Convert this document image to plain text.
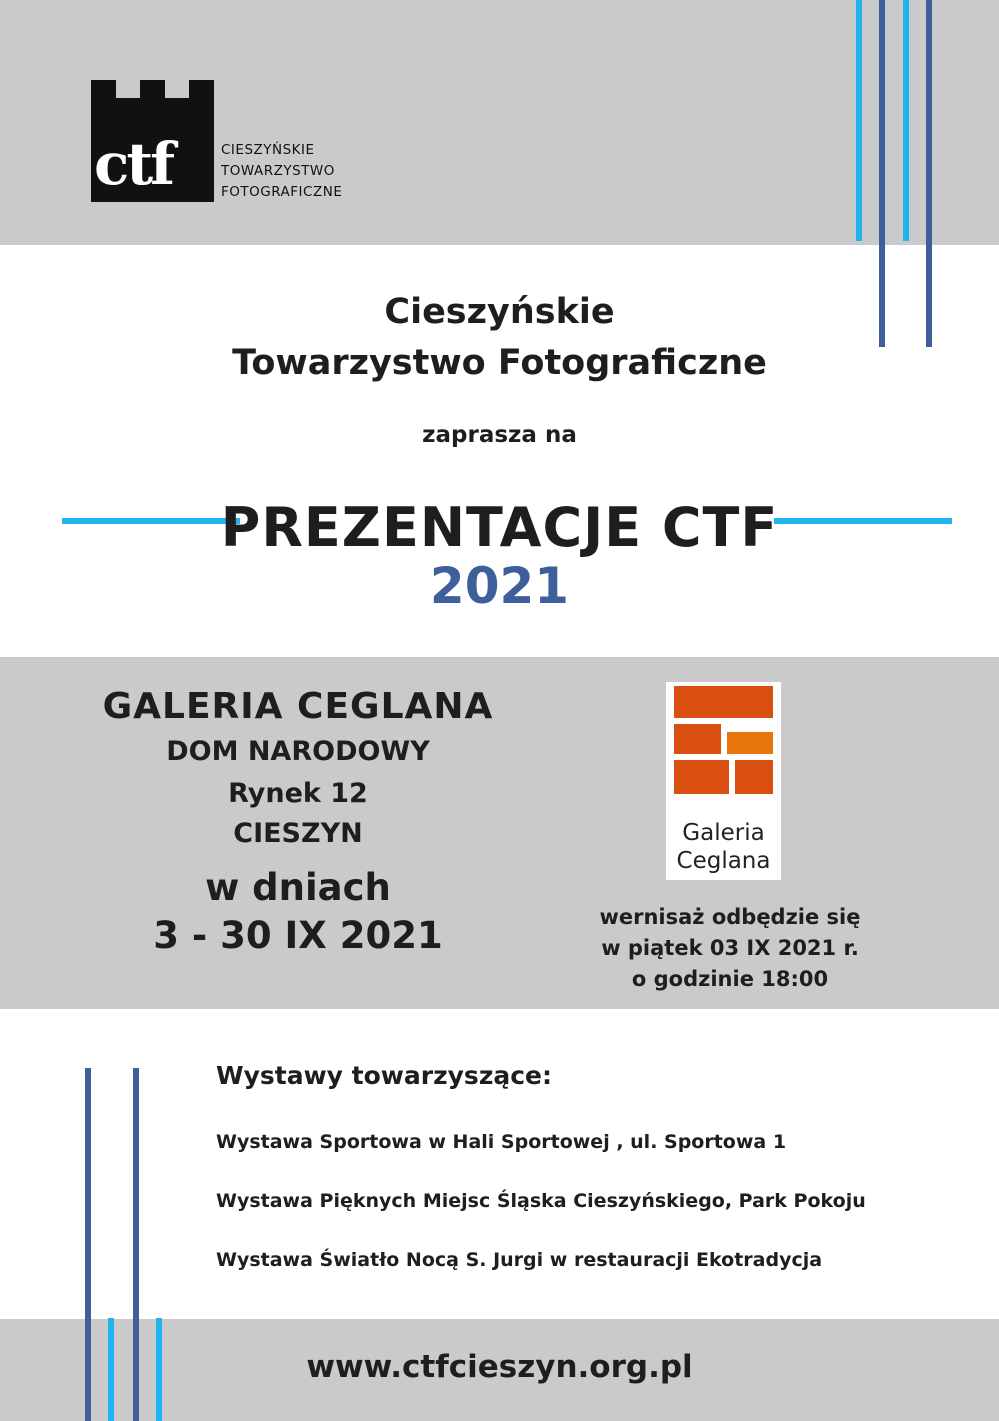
ctf	CIESZYŃSKIE
TOWARZYSTWO
FOTOGRAFICZNE
Cieszyńskie
Towarzystwo Fotograficzne
zaprasza na
PREZENTACJE CTF
2021
GALERIA CEGLANA
DOM NARODOWY
Rynek 12
CIESZYN
w dniach
3 - 30 IX 2021
Galeria
Ceglana
wernisaż odbędzie się
w piątek 03 IX 2021 r.
o godzinie 18:00
Wystawy towarzyszące:
Wystawa Sportowa w Hali Sportowej , ul. Sportowa 1
Wystawa Pięknych Miejsc Śląska Cieszyńskiego, Park Pokoju
Wystawa Światło Nocą S. Jurgi w restauracji Ekotradycja
www.ctfcieszyn.org.pl
